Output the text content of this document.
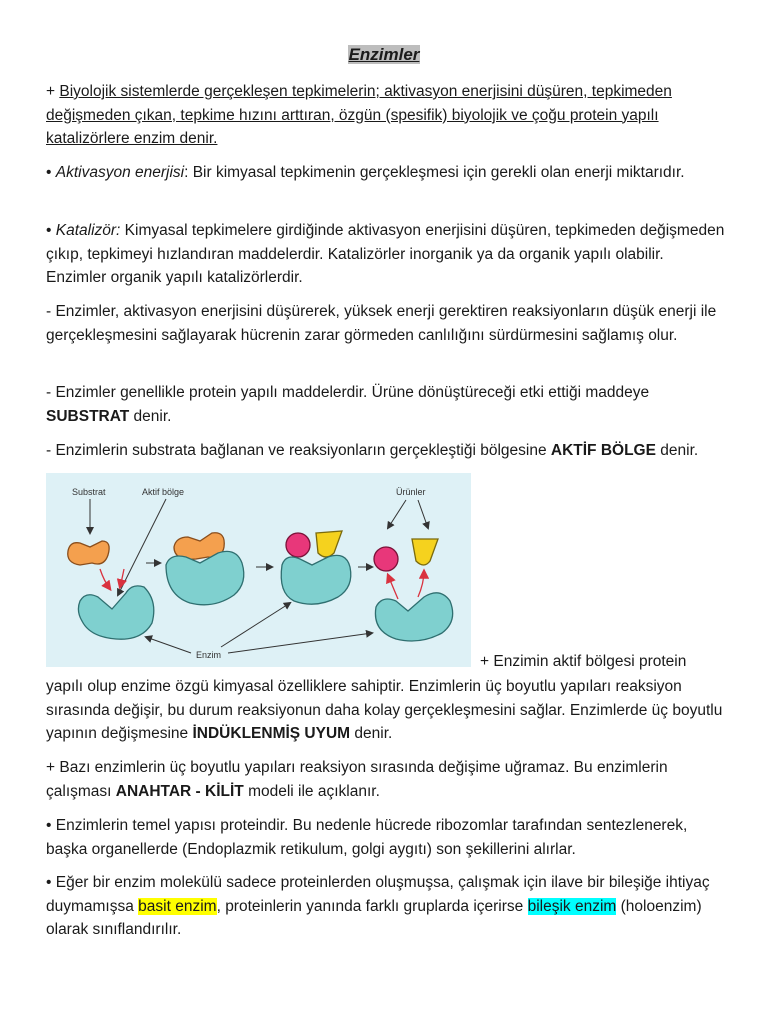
Enzimler

+ Biyolojik sistemlerde gerçekleşen tepkimelerin; aktivasyon enerjisini düşüren, tepkimeden değişmeden çıkan, tepkime hızını arttıran, özgün (spesifik) biyolojik ve çoğu protein yapılı katalizörlere enzim denir.

• Aktivasyon enerjisi: Bir kimyasal tepkimenin gerçekleşmesi için gerekli olan enerji miktarıdır.

• Katalizör: Kimyasal tepkimelere girdiğinde aktivasyon enerjisini düşüren, tepkimeden değişmeden çıkıp, tepkimeyi hızlandıran maddelerdir. Katalizörler inorganik ya da organik yapılı olabilir. Enzimler organik yapılı katalizörlerdir.

- Enzimler, aktivasyon enerjisini düşürerek, yüksek enerji gerektiren reaksiyonların düşük enerji ile gerçekleşmesini sağlayarak hücrenin zarar görmeden canlılığını sürdürmesini sağlamış olur.

- Enzimler genellikle protein yapılı maddelerdir. Ürüne dönüştüreceği etki ettiği maddeye SUBSTRAT denir.

- Enzimlerin substrata bağlanan ve reaksiyonların gerçekleştiği bölgesine AKTİF BÖLGE denir.

Substrat	Aktif bölge	Ürünler
Enzim	+ Enzimin aktif bölgesi protein

yapılı olup enzime özgü kimyasal özelliklere sahiptir. Enzimlerin üç boyutlu yapıları reaksiyon sırasında değişir, bu durum reaksiyonun daha kolay gerçekleşmesini sağlar. Enzimlerde üç boyutlu yapının değişmesine İNDÜKLENMİŞ UYUM denir.

+ Bazı enzimlerin üç boyutlu yapıları reaksiyon sırasında değişime uğramaz. Bu enzimlerin çalışması ANAHTAR - KİLİT modeli ile açıklanır.

• Enzimlerin temel yapısı proteindir. Bu nedenle hücrede ribozomlar tarafından sentezlenerek, başka organellerde (Endoplazmik retikulum, golgi aygıtı) son şekillerini alırlar.

• Eğer bir enzim molekülü sadece proteinlerden oluşmuşsa, çalışmak için ilave bir bileşiğe ihtiyaç duymamışsa basit enzim, proteinlerin yanında farklı gruplarda içerirse bileşik enzim (holoenzim) olarak sınıflandırılır.
